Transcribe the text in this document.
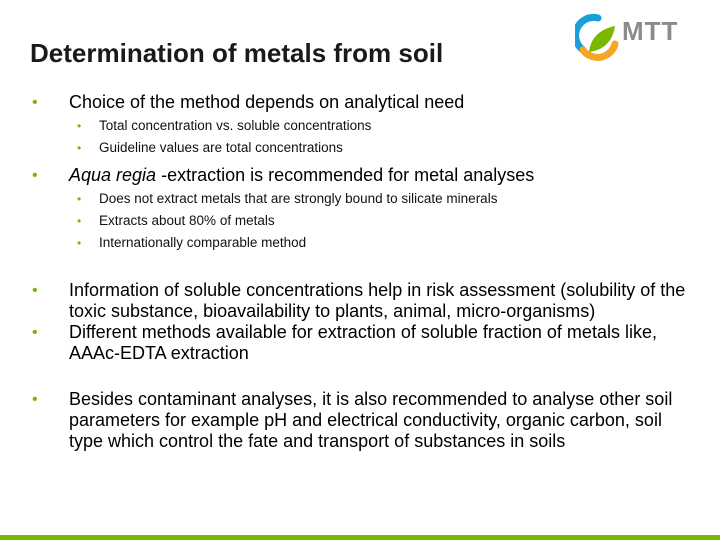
Determination of metals from soil
MTT
• Choice of the method depends on analytical need
• Total concentration vs. soluble concentrations
• Guideline values are total concentrations
• Aqua regia -extraction is recommended for metal analyses
• Does not extract metals that are strongly bound to silicate minerals
• Extracts about 80% of metals
• Internationally comparable method
• Information of soluble concentrations help in risk assessment (solubility of the toxic substance, bioavailability to plants, animal, micro-organisms)
• Different methods available for extraction of soluble fraction of metals like, AAAc-EDTA extraction
• Besides contaminant analyses, it is also recommended to analyse other soil parameters for example pH and electrical conductivity, organic carbon, soil type which control the fate and transport of substances in soils
